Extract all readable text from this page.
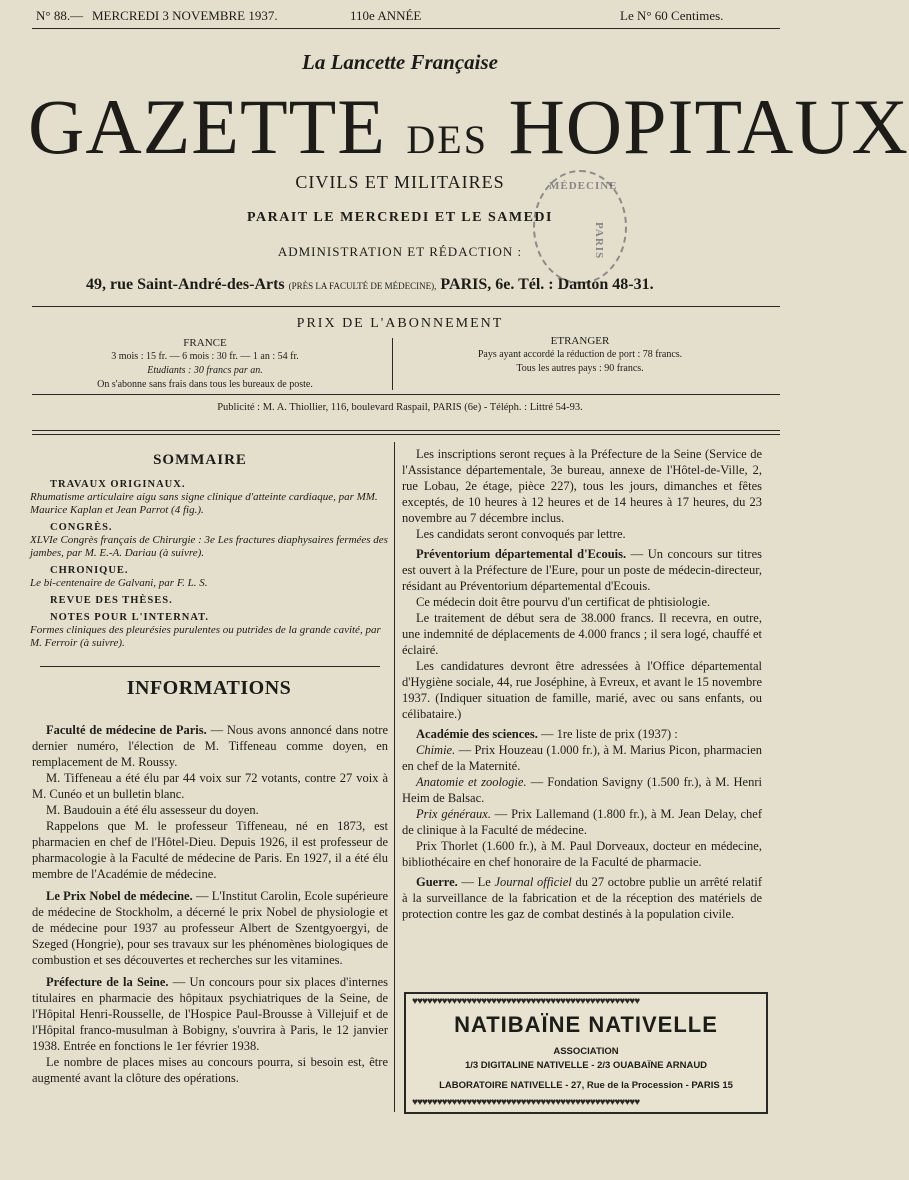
N° 88.— MERCREDI 3 NOVEMBRE 1937.	110e ANNÉE	Le N° 60 Centimes.
La Lancette Française
GAZETTE DES HOPITAUX
CIVILS ET MILITAIRES
PARAIT LE MERCREDI ET LE SAMEDI
ADMINISTRATION ET RÉDACTION :
MÉDECINE
PARIS
49, rue Saint-André-des-Arts (PRÈS LA FACULTÉ DE MÉDECINE), PARIS, 6e. Tél. : Danton 48-31.
PRIX DE L'ABONNEMENT
FRANCE
3 mois : 15 fr. — 6 mois : 30 fr. — 1 an : 54 fr.
Etudiants : 30 francs par an.
On s'abonne sans frais dans tous les bureaux de poste.
ETRANGER
Pays ayant accordé la réduction de port : 78 francs.
Tous les autres pays : 90 francs.
Publicité : M. A. Thiollier, 116, boulevard Raspail, PARIS (6e) - Téléph. : Littré 54-93.
SOMMAIRE
TRAVAUX ORIGINAUX.
Rhumatisme articulaire aigu sans signe clinique d'atteinte cardiaque, par MM. Maurice Kaplan et Jean Parrot (4 fig.).
CONGRÈS.
XLVIe Congrès français de Chirurgie : 3e Les fractures diaphysaires fermées des jambes, par M. E.-A. Dariau (à suivre).
CHRONIQUE.
Le bi-centenaire de Galvani, par F. L. S.
REVUE DES THÈSES.
NOTES POUR L'INTERNAT.
Formes cliniques des pleurésies purulentes ou putrides de la grande cavité, par M. Ferroir (à suivre).
INFORMATIONS

Faculté de médecine de Paris. — Nous avons annoncé dans notre dernier numéro, l'élection de M. Tiffeneau comme doyen, en remplacement de M. Roussy.

M. Tiffeneau a été élu par 44 voix sur 72 votants, contre 27 voix à M. Cunéo et un bulletin blanc.

M. Baudouin a été élu assesseur du doyen.

Rappelons que M. le professeur Tiffeneau, né en 1873, est pharmacien en chef de l'Hôtel-Dieu. Depuis 1926, il est professeur de pharmacologie à la Faculté de médecine de Paris. En 1927, il a été élu membre de l'Académie de médecine.

Le Prix Nobel de médecine. — L'Institut Carolin, Ecole supérieure de médecine de Stockholm, a décerné le prix Nobel de physiologie et de médecine pour 1937 au professeur Albert de Szentgyoergyi, de Szeged (Hongrie), pour ses travaux sur les phénomènes biologiques de combustion et ses découvertes et recherches sur les vitamines.

Préfecture de la Seine. — Un concours pour six places d'internes titulaires en pharmacie des hôpitaux psychiatriques de la Seine, de l'Hôpital Henri-Rousselle, de l'Hospice Paul-Brousse à Villejuif et de l'Hôpital franco-musulman à Bobigny, s'ouvrira à Paris, le 12 janvier 1938. Entrée en fonctions le 1er février 1938.

Le nombre de places mises au concours pourra, si besoin est, être augmenté avant la clôture des opérations.

Les inscriptions seront reçues à la Préfecture de la Seine (Service de l'Assistance départementale, 3e bureau, annexe de l'Hôtel-de-Ville, 2, rue Lobau, 2e étage, pièce 227), tous les jours, dimanches et fêtes exceptés, de 10 heures à 12 heures et de 14 heures à 17 heures, du 23 novembre au 7 décembre inclus.

Les candidats seront convoqués par lettre.

Préventorium départemental d'Ecouis. — Un concours sur titres est ouvert à la Préfecture de l'Eure, pour un poste de médecin-directeur, résidant au Préventorium départemental d'Ecouis.

Ce médecin doit être pourvu d'un certificat de phtisiologie.

Le traitement de début sera de 38.000 francs. Il recevra, en outre, une indemnité de déplacements de 4.000 francs ; il sera logé, chauffé et éclairé.

Les candidatures devront être adressées à l'Office départemental d'Hygiène sociale, 44, rue Joséphine, à Evreux, et avant le 15 novembre 1937. (Indiquer situation de famille, marié, avec ou sans enfants, ou célibataire.)

Académie des sciences. — 1re liste de prix (1937) :

Chimie. — Prix Houzeau (1.000 fr.), à M. Marius Picon, pharmacien en chef de la Maternité.

Anatomie et zoologie. — Fondation Savigny (1.500 fr.), à M. Henri Heim de Balsac.

Prix généraux. — Prix Lallemand (1.800 fr.), à M. Jean Delay, chef de clinique à la Faculté de médecine.

Prix Thorlet (1.600 fr.), à M. Paul Dorveaux, docteur en médecine, bibliothécaire en chef honoraire de la Faculté de pharmacie.

Guerre. — Le Journal officiel du 27 octobre publie un arrêté relatif à la surveillance de la fabrication et de la réception des matériels de protection contre les gaz de combat destinés à la population civile.

♥♥♥♥♥♥♥♥♥♥♥♥♥♥♥♥♥♥♥♥♥♥♥♥♥♥♥♥♥♥♥♥♥♥♥♥♥♥♥♥♥♥♥♥♥♥
NATIBAÏNE NATIVELLE
ASSOCIATION
1/3 DIGITALINE NATIVELLE - 2/3 OUABAÏNE ARNAUD
LABORATOIRE NATIVELLE - 27, Rue de la Procession - PARIS 15
♥♥♥♥♥♥♥♥♥♥♥♥♥♥♥♥♥♥♥♥♥♥♥♥♥♥♥♥♥♥♥♥♥♥♥♥♥♥♥♥♥♥♥♥♥♥
